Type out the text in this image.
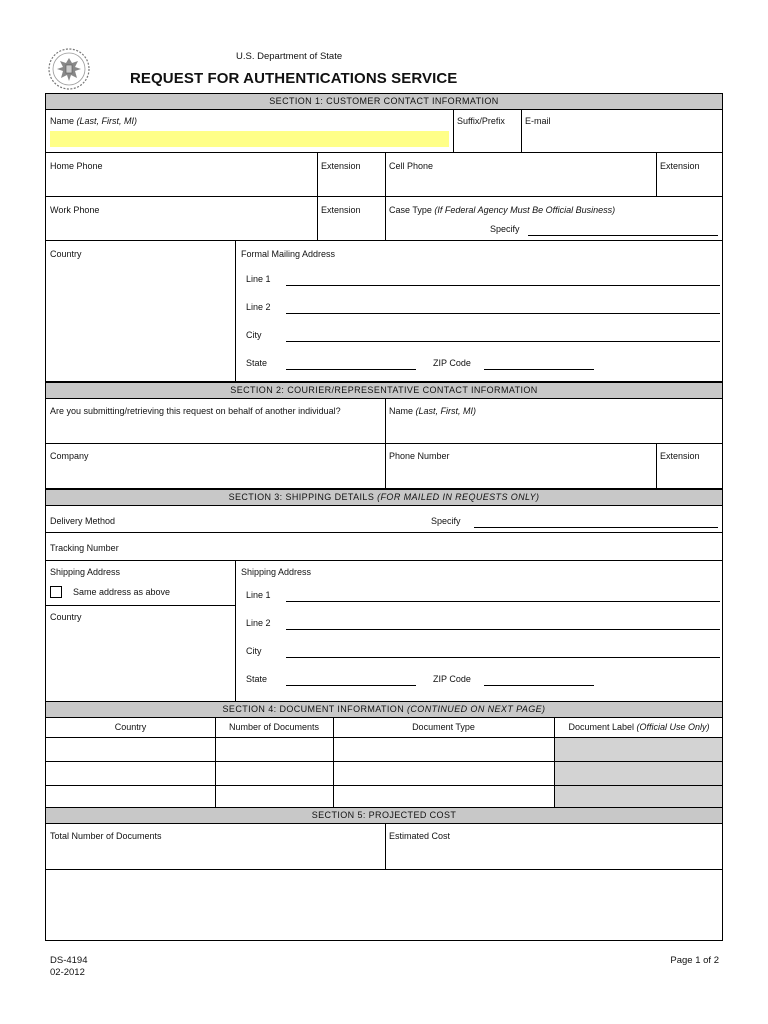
U.S. Department of State
REQUEST FOR AUTHENTICATIONS SERVICE
SECTION 1: CUSTOMER CONTACT INFORMATION
Name (Last, First, MI)	Suffix/Prefix E-mail
Home Phone	Extension	Cell Phone	Extension
Work Phone	Extension	Case Type (If Federal Agency Must Be Official Business)
Specify
Country	Formal Mailing Address
Line 1
Line 2
City
State	ZIP Code
SECTION 2: COURIER/REPRESENTATIVE CONTACT INFORMATION
Are you submitting/retrieving this request on behalf of another individual?	Name (Last, First, MI)
Company	Phone Number	Extension
SECTION 3: SHIPPING DETAILS (FOR MAILED IN REQUESTS ONLY)
Delivery Method	Specify
Tracking Number
Shipping Address
Same address as above
Country
Shipping Address
Line 1
Line 2
City
State	ZIP Code
SECTION 4: DOCUMENT INFORMATION (CONTINUED ON NEXT PAGE)
Country	Number of Documents	Document Type	Document Label (Official Use Only)
SECTION 5: PROJECTED COST
Total Number of Documents	Estimated Cost
DS-4194
02-2012
Page 1 of 2
